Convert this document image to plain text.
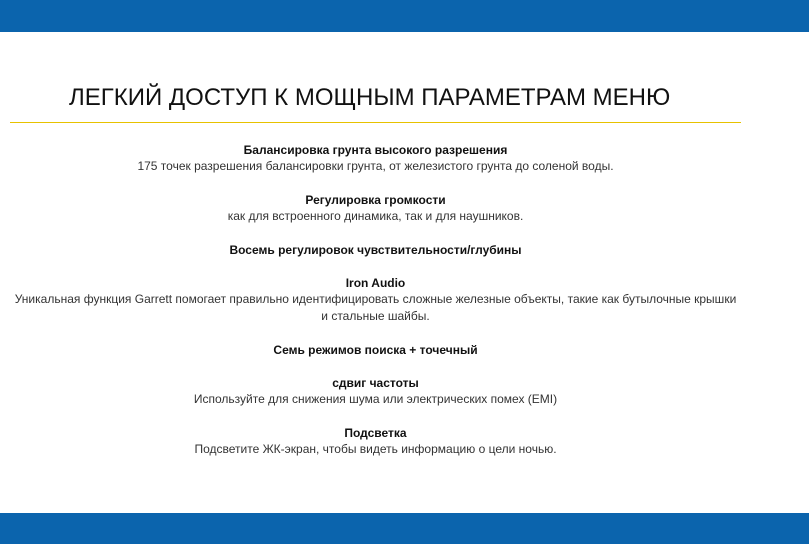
ЛЕГКИЙ ДОСТУП К МОЩНЫМ ПАРАМЕТРАМ МЕНЮ
Балансировка грунта высокого разрешения
175 точек разрешения балансировки грунта, от железистого грунта до соленой воды.
Регулировка громкости
как для встроенного динамика, так и для наушников.
Восемь регулировок чувствительности/глубины
Iron Audio
Уникальная функция Garrett помогает правильно идентифицировать сложные железные объекты, такие как бутылочные крышки и стальные шайбы.
Семь режимов поиска + точечный
сдвиг частоты
Используйте для снижения шума или электрических помех (EMI)
Подсветка
Подсветите ЖК-экран, чтобы видеть информацию о цели ночью.
